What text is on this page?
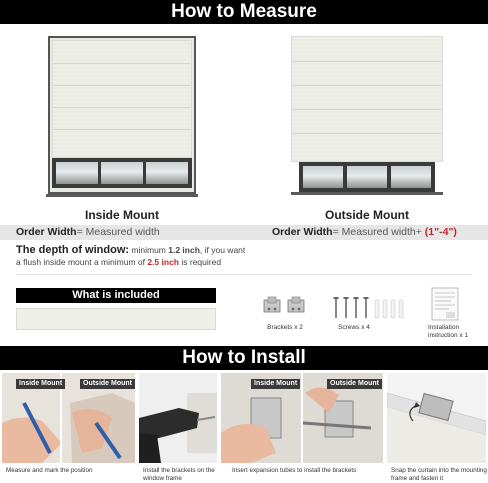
How to Measure
Inside Mount	Outside Mount
Order Width= Measured width	Order Width= Measured width+ (1"-4")
The depth of window: minimum 1.2 inch, if you want
a flush inside mount a minimum of 2.5 inch is required
What is included
Brackets x 2	Screws x 4	Installation instruction x 1
How to Install
Inside Mount	Outside Mount
Measure and mark the position	Install the brackets on the window frame
Inside Mount	Outside Mount
Insert expansion tubes to install the brackets	Snap the curtain into the mounting frame and fasten it
